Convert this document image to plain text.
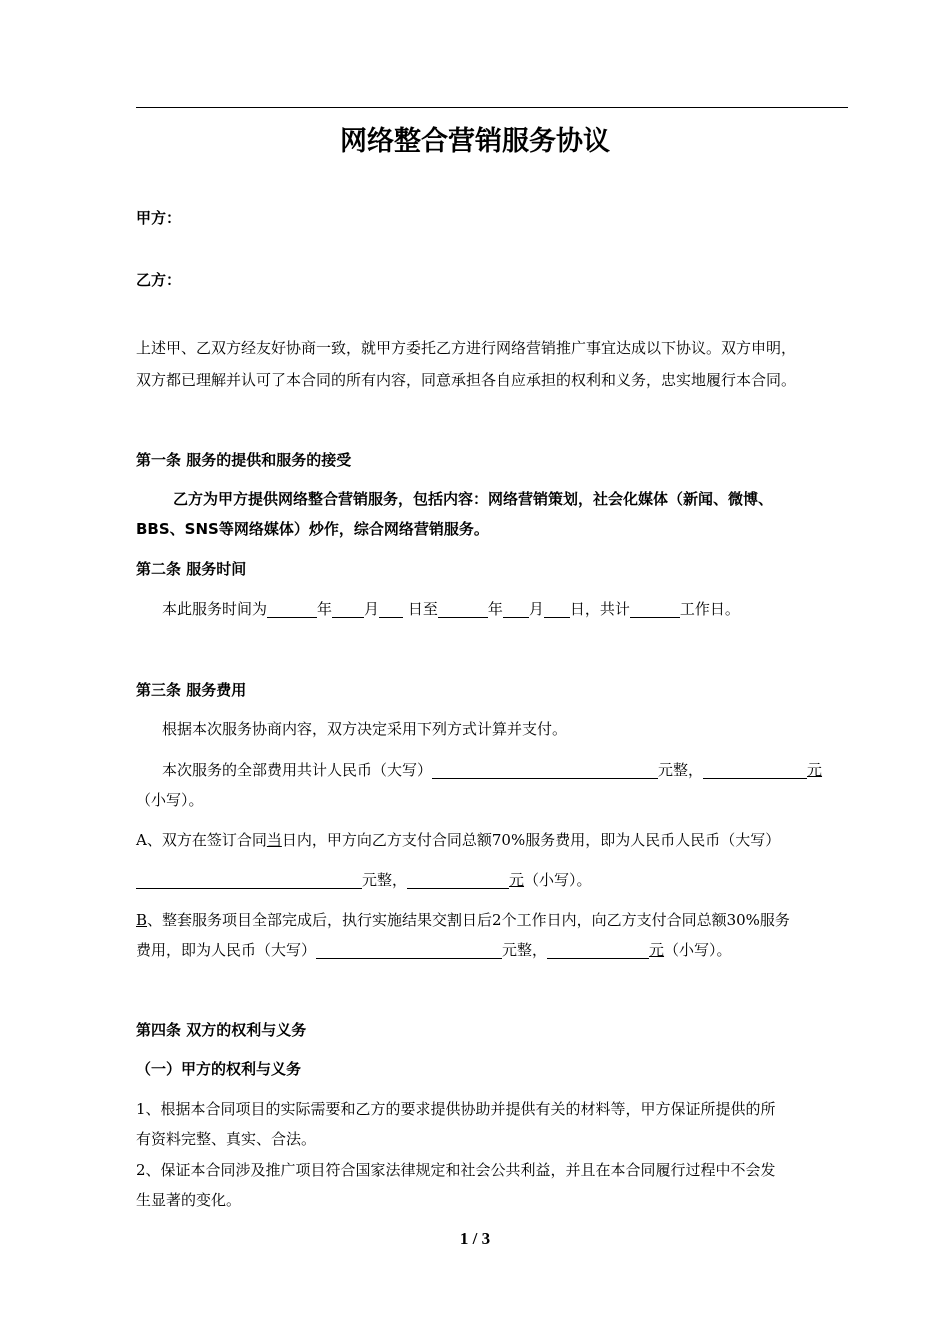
网络整合营销服务协议
甲方：
乙方：
上述甲、乙双方经友好协商一致，就甲方委托乙方进行网络营销推广事宜达成以下协议。双方申明，
双方都已理解并认可了本合同的所有内容，同意承担各自应承担的权利和义务，忠实地履行本合同。
第一条 服务的提供和服务的接受
乙方为甲方提供网络整合营销服务，包括内容：网络营销策划，社会化媒体（新闻、微博、
BBS、SNS等网络媒体）炒作，综合网络营销服务。
第二条 服务时间
本此服务时间为	年 月 日至	年 月 日，共计	工作日。
第三条 服务费用
根据本次服务协商内容，双方决定采用下列方式计算并支付。
本次服务的全部费用共计人民币（大写）	元整，	元
（小写）。
A、双方在签订合同当日内，甲方向乙方支付合同总额70%服务费用，即为人民币人民币（大写）
元整，	元（小写）。
B、整套服务项目全部完成后，执行实施结果交割日后2个工作日内，向乙方支付合同总额30%服务
费用，即为人民币（大写）	元整，	元（小写）。
第四条 双方的权利与义务
（一）甲方的权利与义务
1、根据本合同项目的实际需要和乙方的要求提供协助并提供有关的材料等，甲方保证所提供的所
有资料完整、真实、合法。
2、保证本合同涉及推广项目符合国家法律规定和社会公共利益，并且在本合同履行过程中不会发
生显著的变化。
1 / 3
